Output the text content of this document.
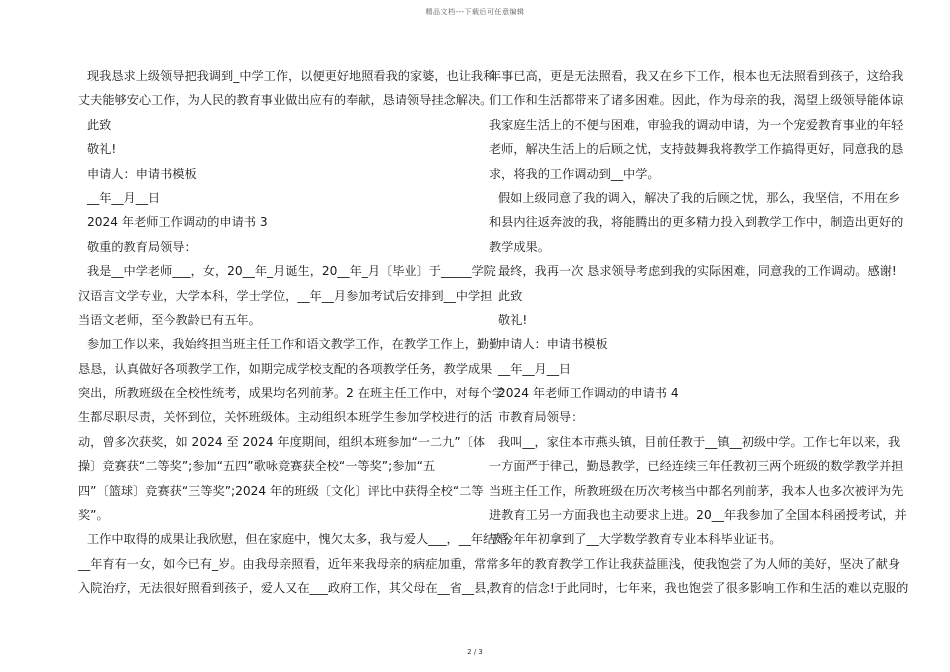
精品文档---下载后可任意编辑
现我恳求上级领导把我调到_中学工作，以便更好地照看我的家婆，也让我和
丈夫能够安心工作，为人民的教育事业做出应有的奉献，恳请领导挂念解决。
此致
敬礼!
申请人：申请书模板
__年__月__日
2024 年老师工作调动的申请书 3
敬重的教育局领导：
我是__中学老师___，女，20__年_月诞生，20__年_月〔毕业〕于_____学院
汉语言文学专业，大学本科，学士学位，__年__月参加考试后安排到__中学担
当语文老师，至今教龄已有五年。
参加工作以来，我始终担当班主任工作和语文教学工作，在教学工作上，勤勤
恳恳，认真做好各项教学工作，如期完成学校支配的各项教学任务，教学成果
突出，所教班级在全校性统考，成果均名列前茅。2 在班主任工作中，对每个学
生都尽职尽责，关怀到位，关怀班级体。主动组织本班学生参加学校进行的活
动，曾多次获奖，如 2024 至 2024 年度期间，组织本班参加“一二九”〔体
操〕竞赛获“二等奖”;参加“五四”歌咏竞赛获全校“一等奖”;参加“五
四”〔篮球〕竞赛获“三等奖”;2024 年的班级〔文化〕评比中获得全校“二等
奖”。
工作中取得的成果让我欣慰，但在家庭中，愧欠太多，我与爱人___，__年结婚。
__年育有一女，如今已有_岁。由我母亲照看，近年来我母亲的病症加重，常常
入院治疗，无法很好照看到孩子，爱人又在___政府工作，其父母在__省__县，
年事已高，更是无法照看，我又在乡下工作，根本也无法照看到孩子，这给我
们工作和生活都带来了诸多困难。因此，作为母亲的我，渴望上级领导能体谅
我家庭生活上的不便与困难，审验我的调动申请，为一个宠爱教育事业的年轻
老师，解决生活上的后顾之忧，支持鼓舞我将教学工作搞得更好，同意我的恳
求，将我的工作调动到__中学。
假如上级同意了我的调入，解决了我的后顾之忧，那么，我坚信，不用在乡
和县内往返奔波的我，将能腾出的更多精力投入到教学工作中，制造出更好的
教学成果。
最终，我再一次 恳求领导考虑到我的实际困难，同意我的工作调动。感谢!
此致
敬礼!
申请人：申请书模板
__年__月__日
2024 年老师工作调动的申请书 4
市教育局领导：
我叫__，家住本市燕头镇，目前任教于__镇__初级中学。工作七年以来，我
一方面严于律己，勤恳教学，已经连续三年任教初三两个班级的数学教学并担
当班主任工作，所教班级在历次考核当中都名列前茅，我本人也多次被评为先
进教育工另一方面我也主动要求上进。20__年我参加了全国本科函授考试，并
于今年年初拿到了__大学数学教育专业本科毕业证书。
多年的教育教学工作让我获益匪浅，使我饱尝了为人师的美好，坚决了献身
教育的信念!于此同时，七年来，我也饱尝了很多影响工作和生活的难以克服的
2 / 3
